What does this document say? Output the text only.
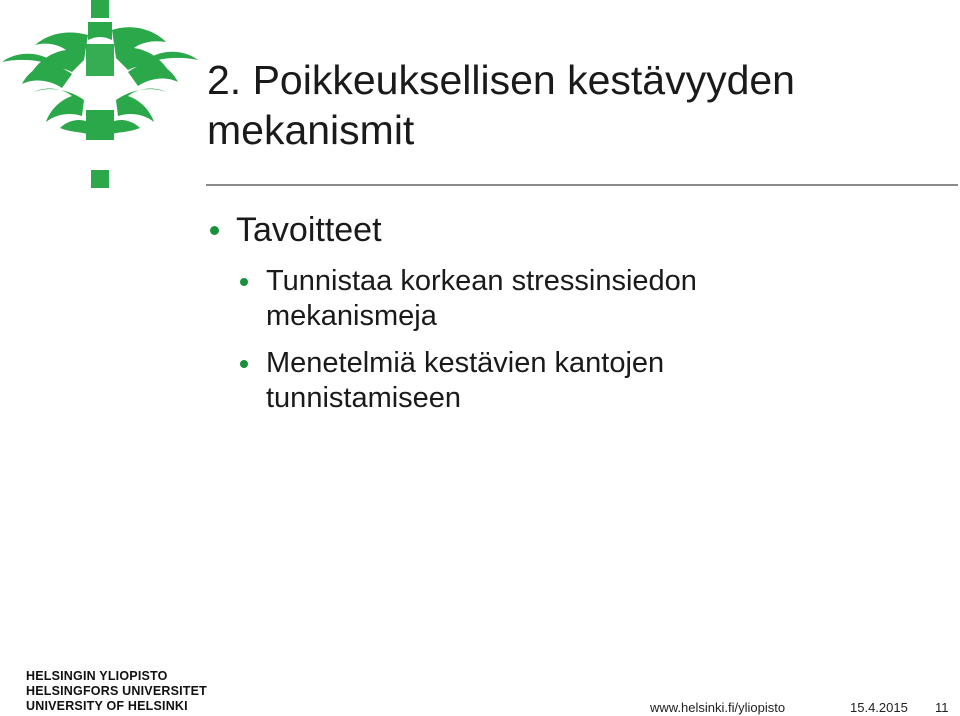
2. Poikkeuksellisen kestävyyden mekanismit
Tavoitteet
Tunnistaa korkean stressinsiedon mekanismeja
Menetelmiä kestävien kantojen tunnistamiseen
HELSINGIN YLIOPISTO
HELSINGFORS UNIVERSITET
UNIVERSITY OF HELSINKI	www.helsinki.fi/yliopisto	15.4.2015 11
